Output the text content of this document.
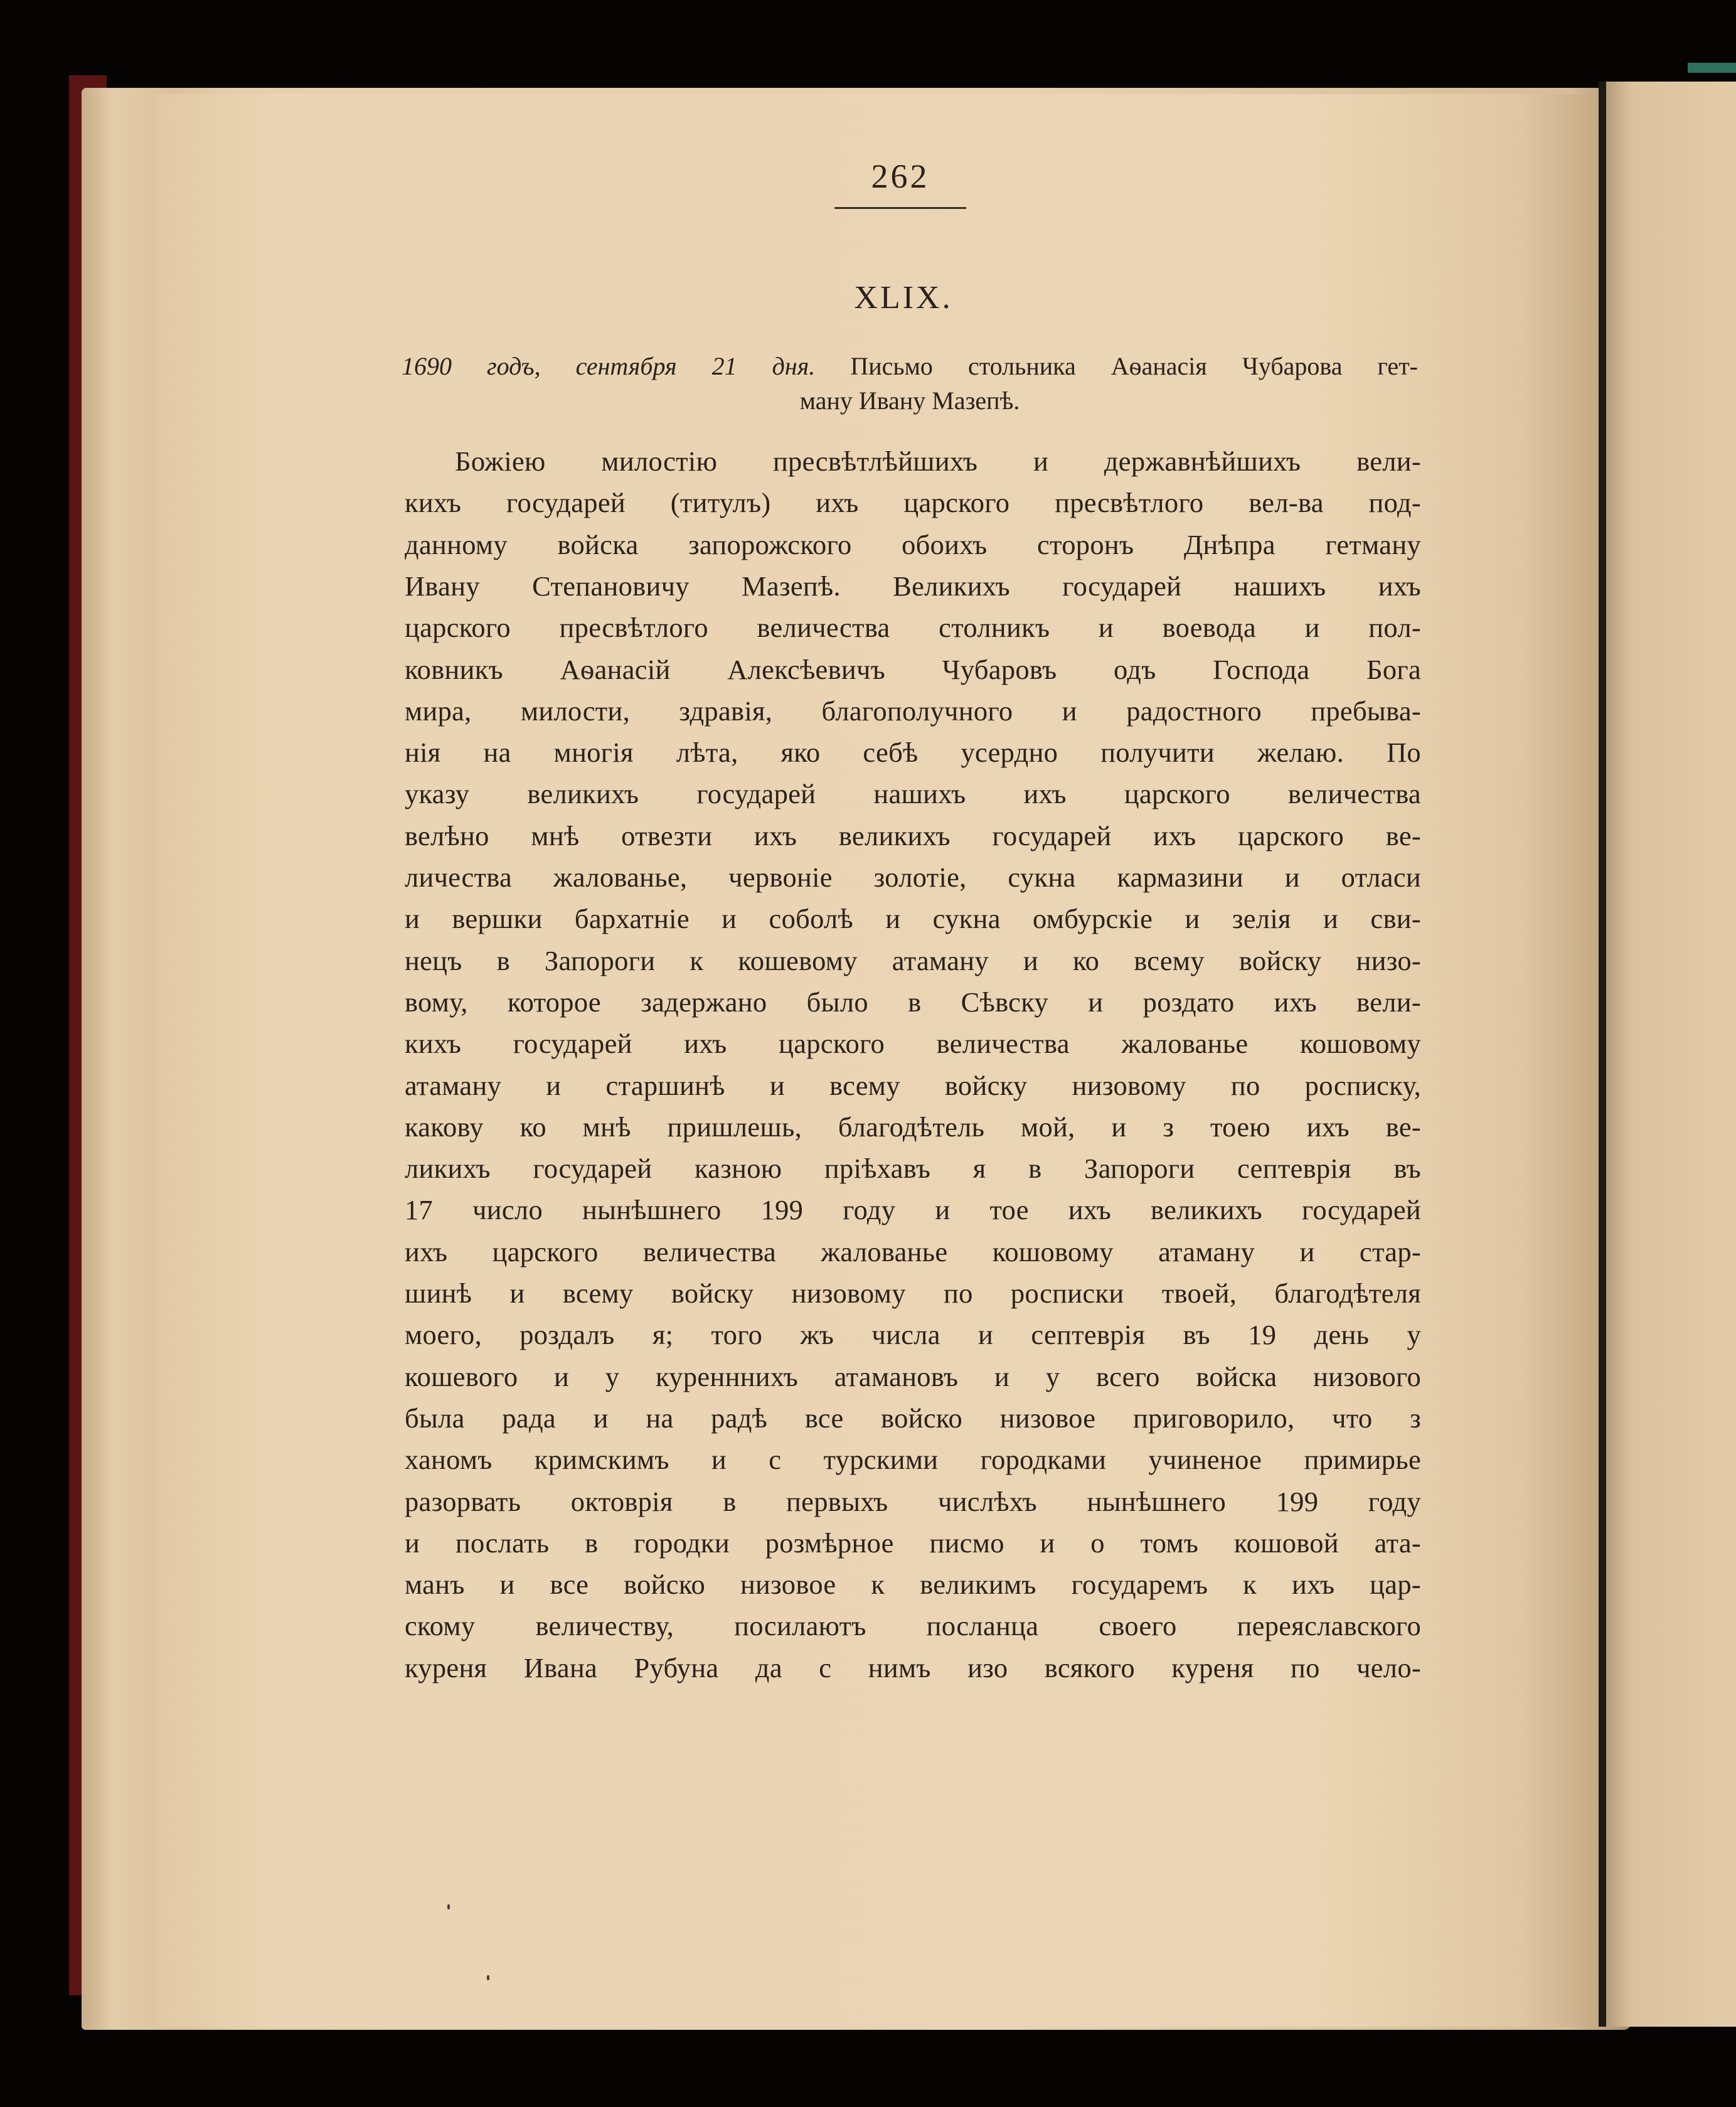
262
XLIX.
1690 годъ, сентября 21 дня. Письмо стольника Аѳанасія Чубарова гет-
ману Ивану Мазепѣ.
Божіею милостію пресвѣтлѣйшихъ и державнѣйшихъ вели-
кихъ государей (титулъ) ихъ царского пресвѣтлого вел-ва под-
данному войска запорожского обоихъ сторонъ Днѣпра гетману
Ивану Степановичу Мазепѣ. Великихъ государей нашихъ ихъ
царского пресвѣтлого величества столникъ и воевода и пол-
ковникъ Аѳанасій Алексѣевичъ Чубаровъ одъ Господа Бога
мира, милости, здравія, благополучного и радостного пребыва-
нія на многія лѣта, яко себѣ усердно получити желаю. По
указу великихъ государей нашихъ ихъ царского величества
велѣно мнѣ отвезти ихъ великихъ государей ихъ царского ве-
личества жалованье, червоніе золотіе, сукна кармазини и отласи
и вершки бархатніе и соболѣ и сукна омбурскіе и зелія и сви-
нецъ в Запороги к кошевому атаману и ко всему войску низо-
вому, которое задержано было в Сѣвску и роздато ихъ вели-
кихъ государей ихъ царского величества жалованье кошовому
атаману и старшинѣ и всему войску низовому по росписку,
какову ко мнѣ пришлешь, благодѣтель мой, и з тоею ихъ ве-
ликихъ государей казною пріѣхавъ я в Запороги септеврія въ
17 число нынѣшнего 199 году и тое ихъ великихъ государей
ихъ царского величества жалованье кошовому атаману и стар-
шинѣ и всему войску низовому по росписки твоей, благодѣтеля
моего, роздалъ я; того жъ числа и септеврія въ 19 день у
кошевого и у куренннихъ атамановъ и у всего войска низового
была рада и на радѣ все войско низовое приговорило, что з
ханомъ кримскимъ и с турскими городками учиненое примирье
разорвать октоврія в первыхъ числѣхъ нынѣшнего 199 году
и послать в городки розмѣрное писмо и о томъ кошовой ата-
манъ и все войско низовое к великимъ государемъ к ихъ цар-
скому величеству, посилаютъ посланца своего переяславского
куреня Ивана Рубуна да с нимъ изо всякого куреня по чело-
